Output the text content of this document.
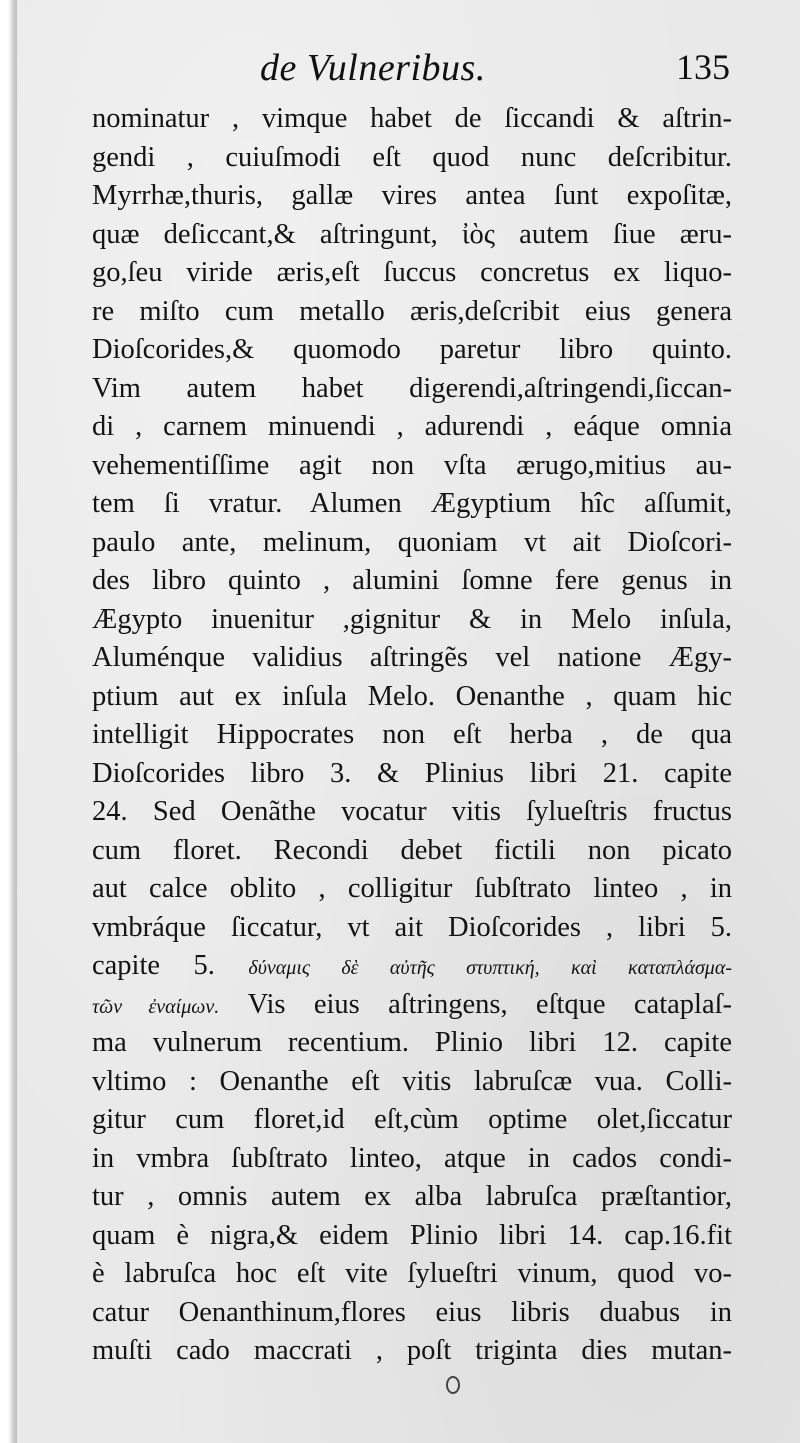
de Vulneribus.	135
nominatur , vimque habet de ſiccandi & aſtrin-
gendi , cuiuſmodi eſt quod nunc deſcribitur.
Myrrhæ,thuris, gallæ vires antea ſunt expoſitæ,
quæ deſiccant,& aſtringunt, ἰὸς autem ſiue æru-
go,ſeu viride æris,eſt ſuccus concretus ex liquo-
re miſto cum metallo æris,deſcribit eius genera
Dioſcorides,& quomodo paretur libro quinto.
Vim autem habet digerendi,aſtringendi,ſiccan-
di , carnem minuendi , adurendi , eáque omnia
vehementiſſime agit non vſta ærugo,mitius au-
tem ſi vratur. Alumen Ægyptium hîc aſſumit,
paulo ante, melinum, quoniam vt ait Dioſcori-
des libro quinto , alumini ſomne fere genus in
Ægypto inuenitur ,gignitur & in Melo inſula,
Aluménque validius aſtringẽs vel natione Ægy-
ptium aut ex inſula Melo. Oenanthe , quam hic
intelligit Hippocrates non eſt herba , de qua
Dioſcorides libro 3. & Plinius libri 21. capite
24. Sed Oenãthe vocatur vitis ſylueſtris fructus
cum floret. Recondi debet fictili non picato
aut calce oblito , colligitur ſubſtrato linteo , in
vmbráque ſiccatur, vt ait Dioſcorides , libri 5.
capite 5. δύναμις δὲ αὐτῆς στυπτική, καὶ καταπλάσμα-
τῶν ἐναίμων. Vis eius aſtringens, eſtque cataplaſ-
ma vulnerum recentium. Plinio libri 12. capite
vltimo : Oenanthe eſt vitis labruſcæ vua. Colli-
gitur cum floret,id eſt,cùm optime olet,ſiccatur
in vmbra ſubſtrato linteo, atque in cados condi-
tur , omnis autem ex alba labruſca præſtantior,
quam è nigra,& eidem Plinio libri 14. cap.16.fit
è labruſca hoc eſt vite ſylueſtri vinum, quod vo-
catur Oenanthinum,flores eius libris duabus in
muſti cado maccrati , poſt triginta dies mutan-
